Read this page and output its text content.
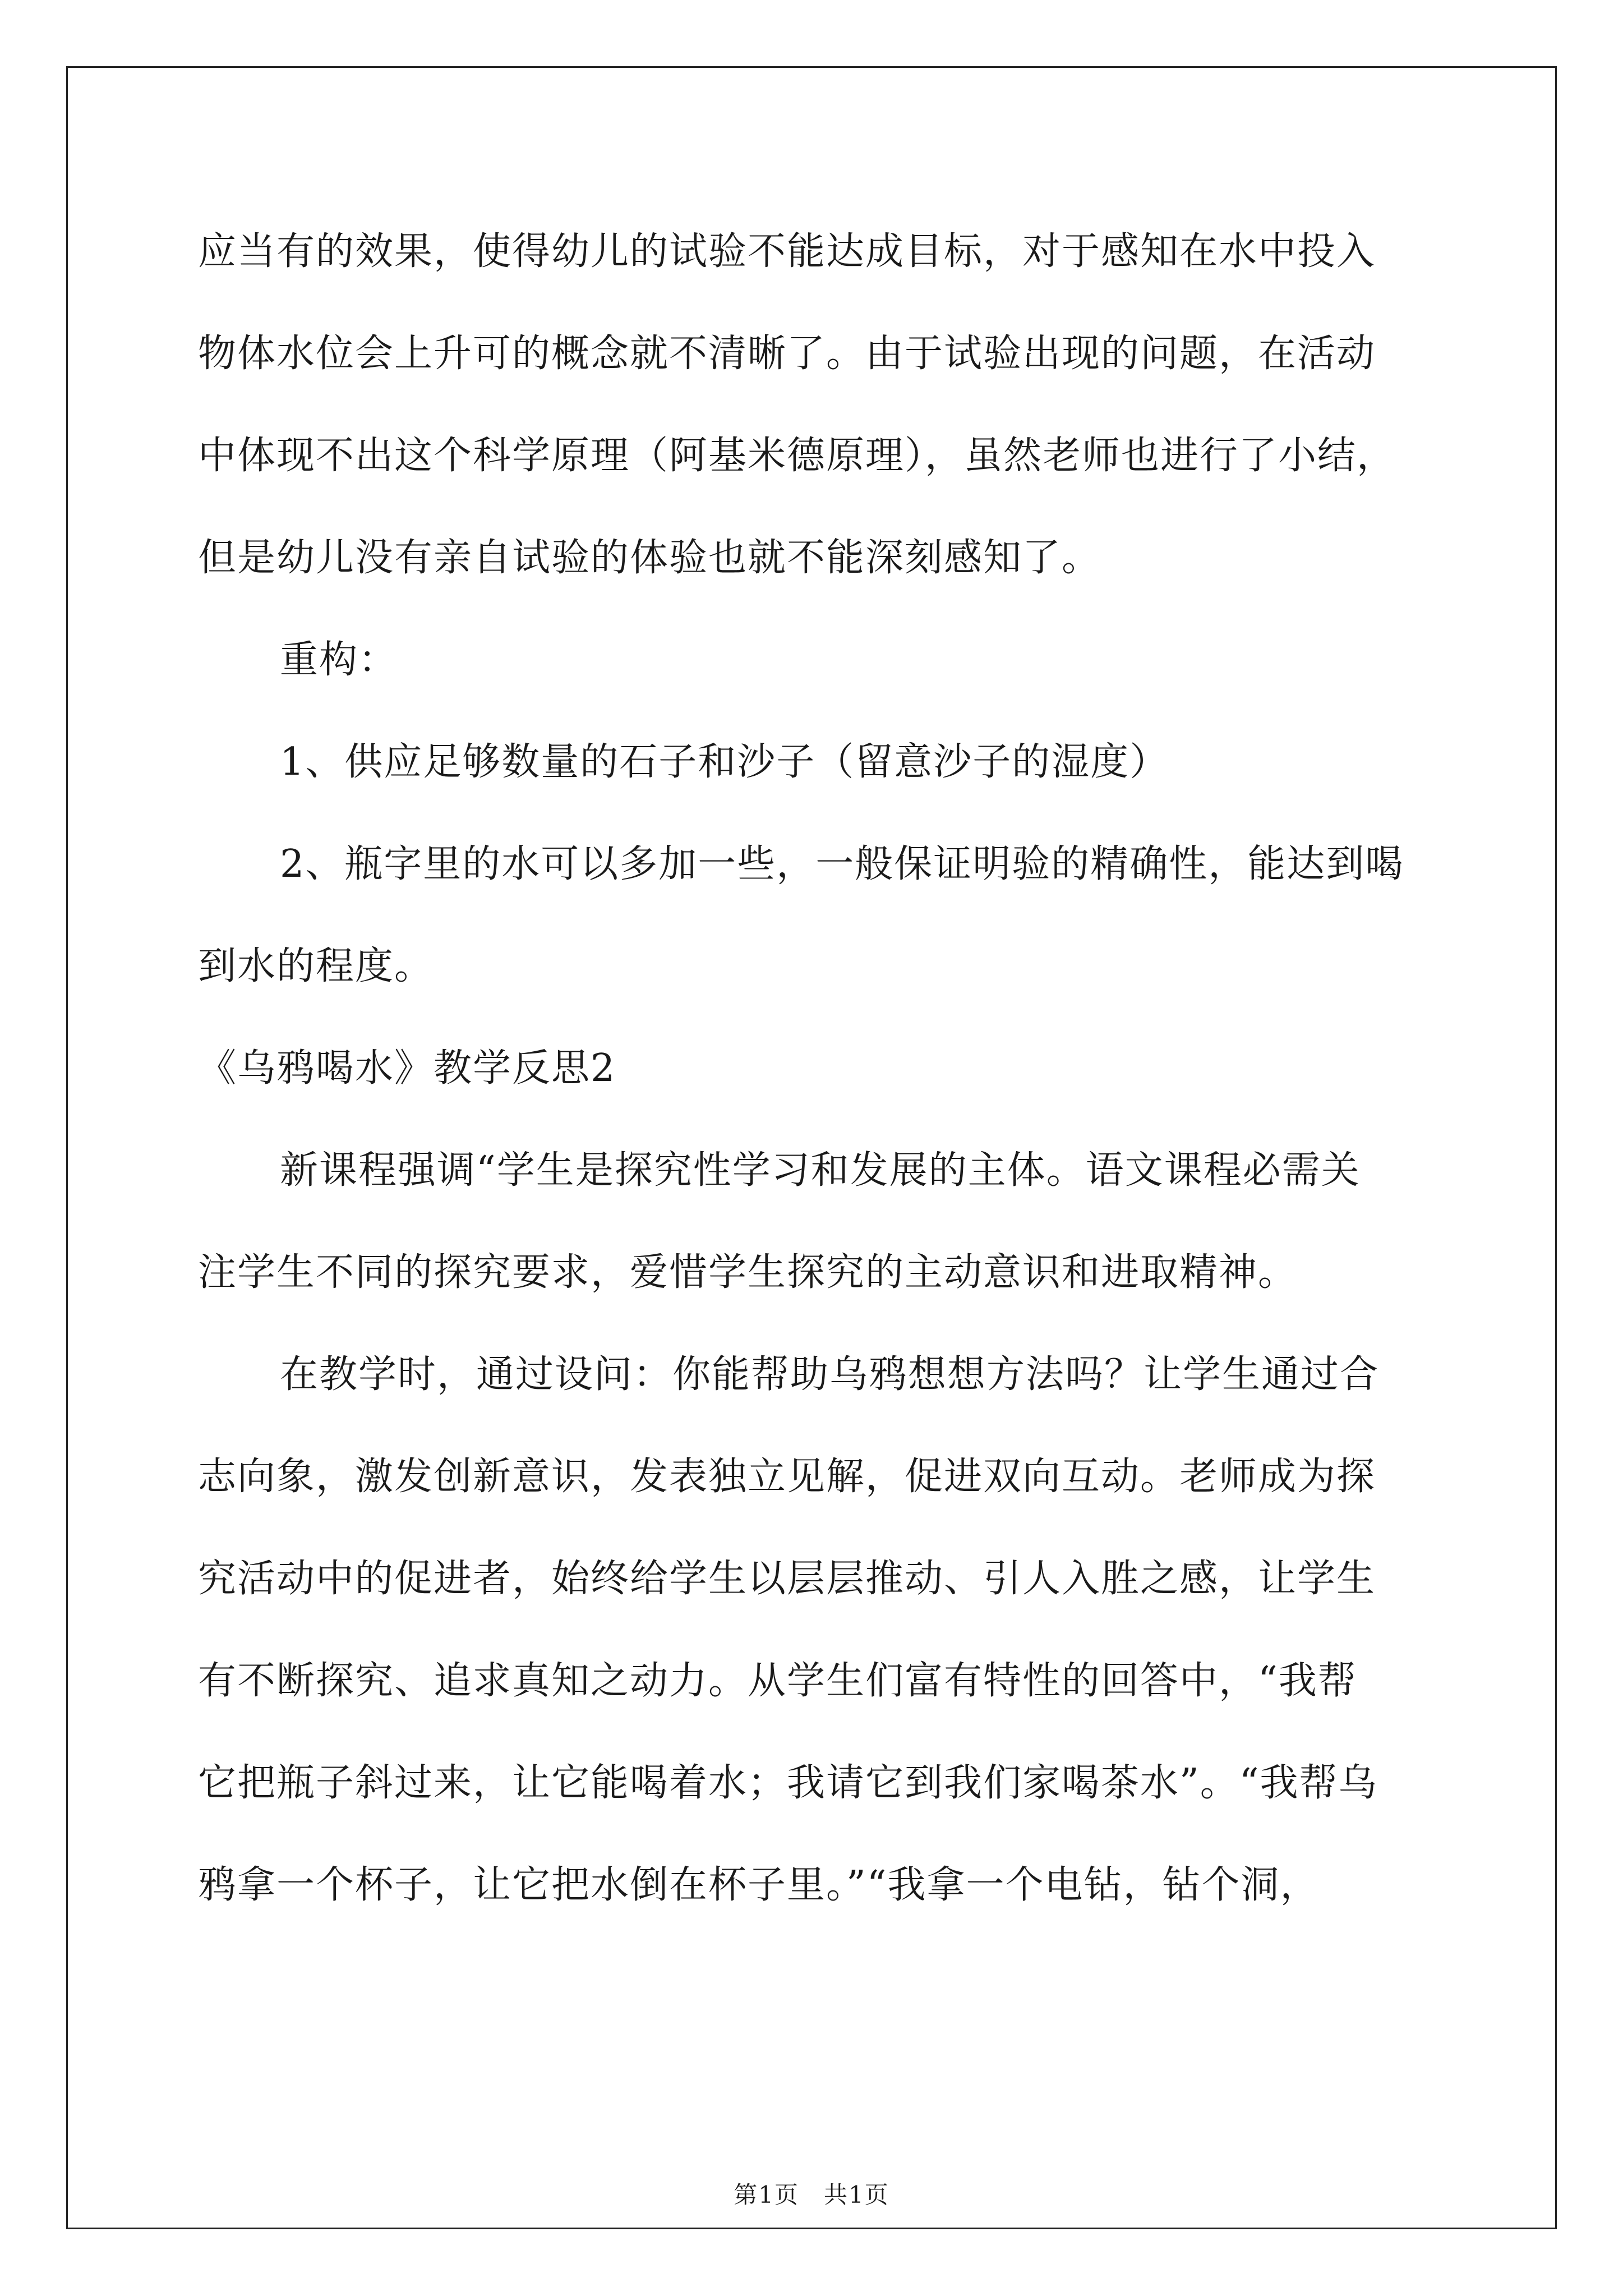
应当有的效果，使得幼儿的试验不能达成目标，对于感知在水中投入
物体水位会上升可的概念就不清晰了。由于试验出现的问题，在活动
中体现不出这个科学原理（阿基米德原理），虽然老师也进行了小结，
但是幼儿没有亲自试验的体验也就不能深刻感知了。

重构：

1、供应足够数量的石子和沙子（留意沙子的湿度）

2、瓶字里的水可以多加一些，一般保证明验的精确性，能达到喝
到水的程度。

《乌鸦喝水》教学反思2

新课程强调“学生是探究性学习和发展的主体。语文课程必需关
注学生不同的探究要求，爱惜学生探究的主动意识和进取精神。

在教学时，通过设问：你能帮助乌鸦想想方法吗？让学生通过合
志向象，激发创新意识，发表独立见解，促进双向互动。老师成为探
究活动中的促进者，始终给学生以层层推动、引人入胜之感，让学生
有不断探究、追求真知之动力。从学生们富有特性的回答中，“我帮
它把瓶子斜过来，让它能喝着水；我请它到我们家喝茶水”。“我帮乌
鸦拿一个杯子，让它把水倒在杯子里。”“我拿一个电钻，钻个洞，

第1页　共1页
